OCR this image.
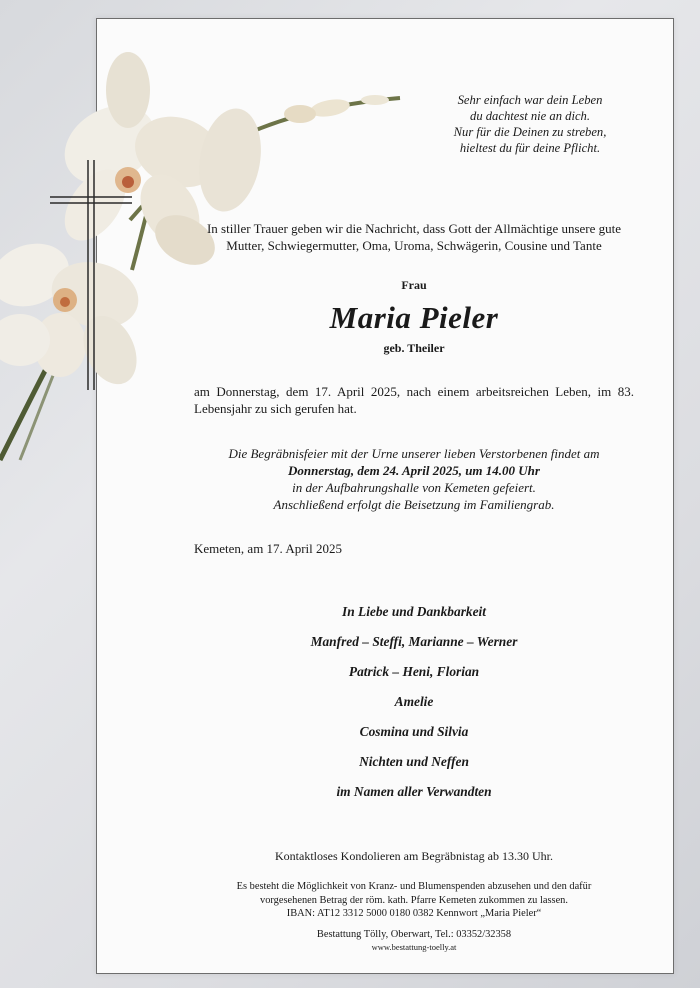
Sehr einfach war dein Leben
du dachtest nie an dich.
Nur für die Deinen zu streben,
hieltest du für deine Pflicht.
In stiller Trauer geben wir die Nachricht, dass Gott der Allmächtige unsere gute
Mutter, Schwiegermutter, Oma, Uroma, Schwägerin, Cousine und Tante
Frau
Maria Pieler
geb. Theiler
am Donnerstag, dem 17. April 2025, nach einem arbeitsreichen Leben, im 83. Lebensjahr zu sich gerufen hat.
Die Begräbnisfeier mit der Urne unserer lieben Verstorbenen findet am
Donnerstag, dem 24. April 2025, um 14.00 Uhr
in der Aufbahrungshalle von Kemeten gefeiert.
Anschließend erfolgt die Beisetzung im Familiengrab.
Kemeten, am 17. April 2025
In Liebe und Dankbarkeit
Manfred – Steffi, Marianne – Werner
Patrick – Heni, Florian
Amelie
Cosmina und Silvia
Nichten und Neffen
im Namen aller Verwandten
Kontaktloses Kondolieren am Begräbnistag ab 13.30 Uhr.
Es besteht die Möglichkeit von Kranz- und Blumenspenden abzusehen und den dafür
vorgesehenen Betrag der röm. kath. Pfarre Kemeten zukommen zu lassen.
IBAN: AT12 3312 5000 0180 0382 Kennwort „Maria Pieler“
Bestattung Tölly, Oberwart, Tel.: 03352/32358
www.bestattung-toelly.at
